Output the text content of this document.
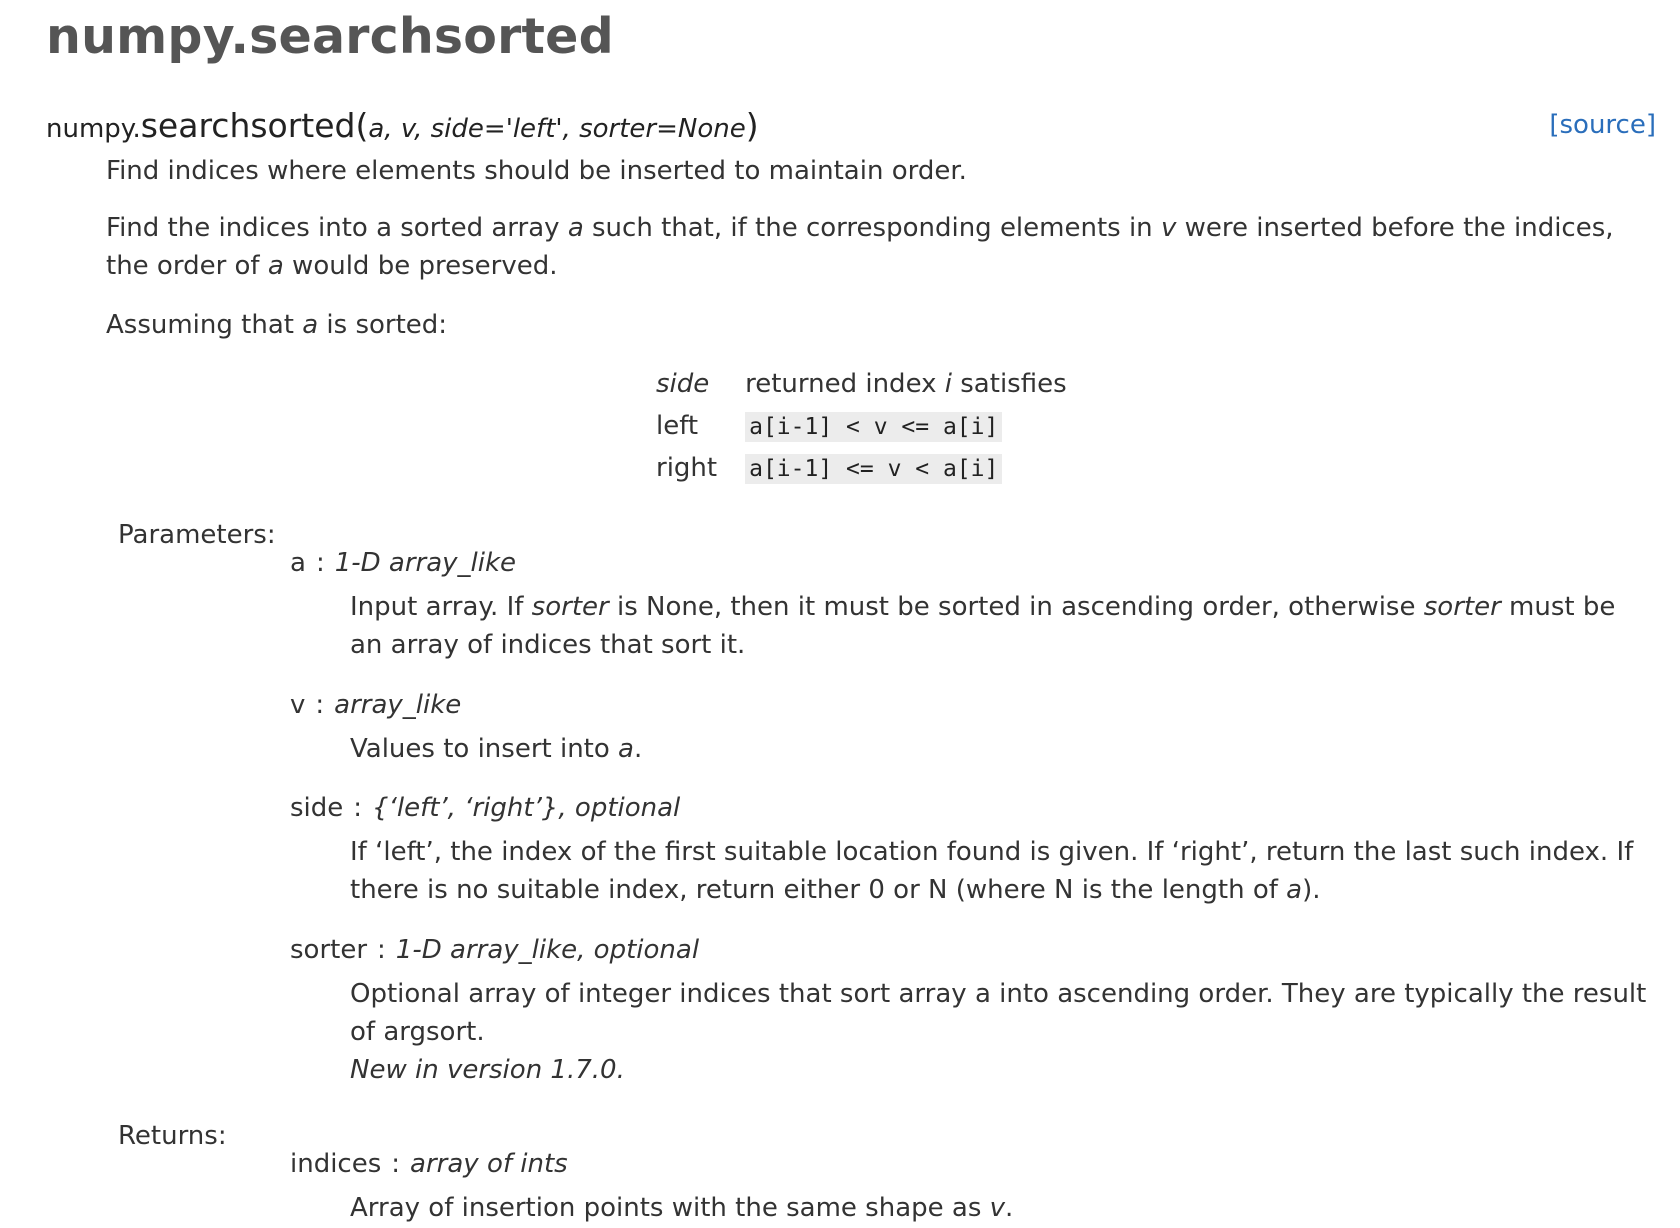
numpy.searchsorted
numpy.searchsorted(a, v, side='left', sorter=None)	[source]
Find indices where elements should be inserted to maintain order.
Find the indices into a sorted array a such that, if the corresponding elements in v were inserted before the indices, the order of a would be preserved.
Assuming that a is sorted:
side	returned index i satisfies
left	a[i-1] < v <= a[i]
right	a[i-1] <= v < a[i]
Parameters:
a : 1-D array_like
Input array. If sorter is None, then it must be sorted in ascending order, otherwise sorter must be an array of indices that sort it.
v : array_like
Values to insert into a.
side : {‘left’, ‘right’}, optional
If ‘left’, the index of the first suitable location found is given. If ‘right’, return the last such index. If there is no suitable index, return either 0 or N (where N is the length of a).
sorter : 1-D array_like, optional
Optional array of integer indices that sort array a into ascending order. They are typically the result of argsort.
New in version 1.7.0.
Returns:
indices : array of ints
Array of insertion points with the same shape as v.
